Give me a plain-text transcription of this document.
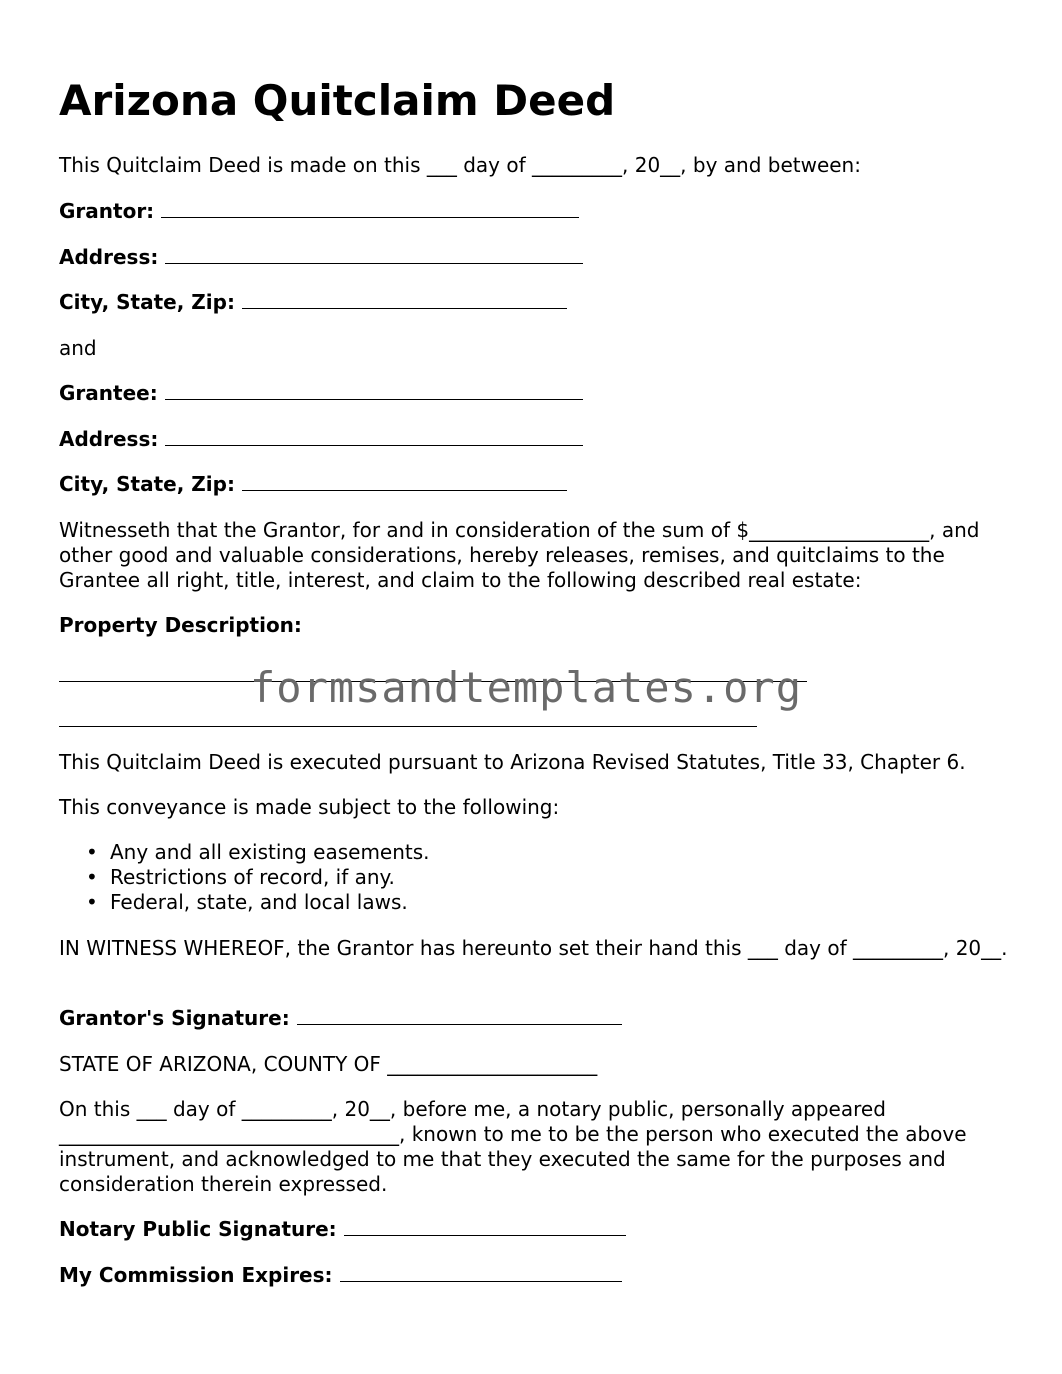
Arizona Quitclaim Deed

This Quitclaim Deed is made on this ___ day of _________, 20__, by and between:

Grantor:

Address:

City, State, Zip:

and

Grantee:

Address:

City, State, Zip:

Witnesseth that the Grantor, for and in consideration of the sum of $__________________, and other good and valuable considerations, hereby releases, remises, and quitclaims to the Grantee all right, title, interest, and claim to the following described real estate:

Property Description:

This Quitclaim Deed is executed pursuant to Arizona Revised Statutes, Title 33, Chapter 6.

This conveyance is made subject to the following:

• Any and all existing easements.
• Restrictions of record, if any.
• Federal, state, and local laws.

IN WITNESS WHEREOF, the Grantor has hereunto set their hand this ___ day of _________, 20__.

Grantor's Signature:

STATE OF ARIZONA, COUNTY OF _____________________

On this ___ day of _________, 20__, before me, a notary public, personally appeared

__________________________________, known to me to be the person who executed the above instrument, and acknowledged to me that they executed the same for the purposes and consideration therein expressed.

Notary Public Signature:

My Commission Expires:

formsandtemplates.org
